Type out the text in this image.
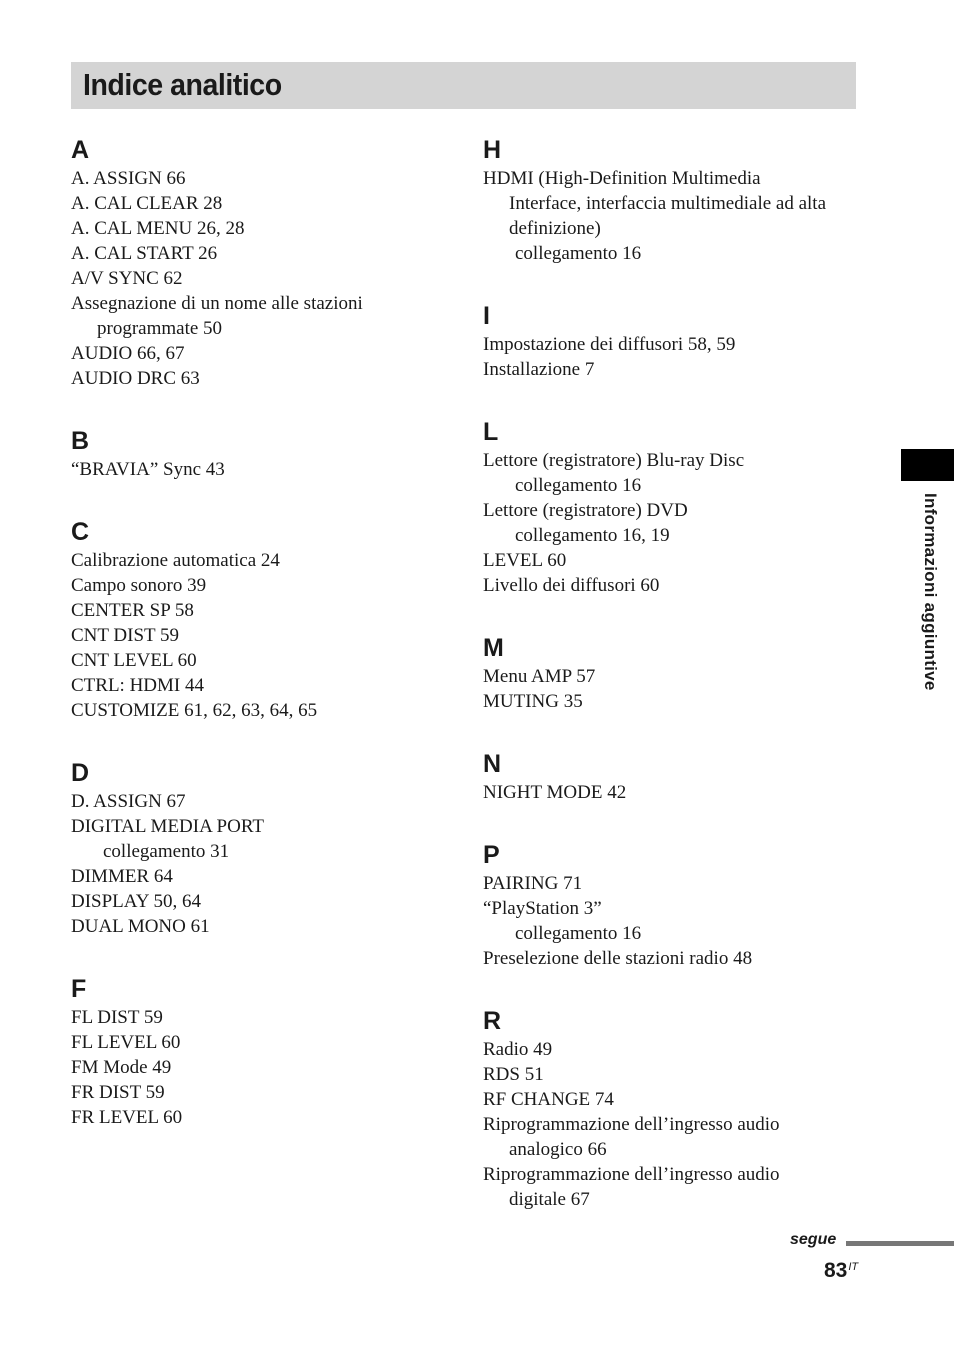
Indice analitico
A
A. ASSIGN 66
A. CAL CLEAR 28
A. CAL MENU 26, 28
A. CAL START 26
A/V SYNC 62
Assegnazione di un nome alle stazioni
programmate 50
AUDIO 66, 67
AUDIO DRC 63
B
“BRAVIA” Sync 43
C
Calibrazione automatica 24
Campo sonoro 39
CENTER SP 58
CNT DIST 59
CNT LEVEL 60
CTRL: HDMI 44
CUSTOMIZE 61, 62, 63, 64, 65
D
D. ASSIGN 67
DIGITAL MEDIA PORT
collegamento 31
DIMMER 64
DISPLAY 50, 64
DUAL MONO 61
F
FL DIST 59
FL LEVEL 60
FM Mode 49
FR DIST 59
FR LEVEL 60
H
HDMI (High-Definition Multimedia
Interface, interfaccia multimediale ad alta
definizione)
collegamento 16
I
Impostazione dei diffusori 58, 59
Installazione 7
L
Lettore (registratore) Blu-ray Disc
collegamento 16
Lettore (registratore) DVD
collegamento 16, 19
LEVEL 60
Livello dei diffusori 60
M
Menu AMP 57
MUTING 35
N
NIGHT MODE 42
P
PAIRING 71
“PlayStation 3”
collegamento 16
Preselezione delle stazioni radio 48
R
Radio 49
RDS 51
RF CHANGE 74
Riprogrammazione dell’ingresso audio
analogico 66
Riprogrammazione dell’ingresso audio
digitale 67
Informazioni aggiuntive
segue
$83^{IT}$
